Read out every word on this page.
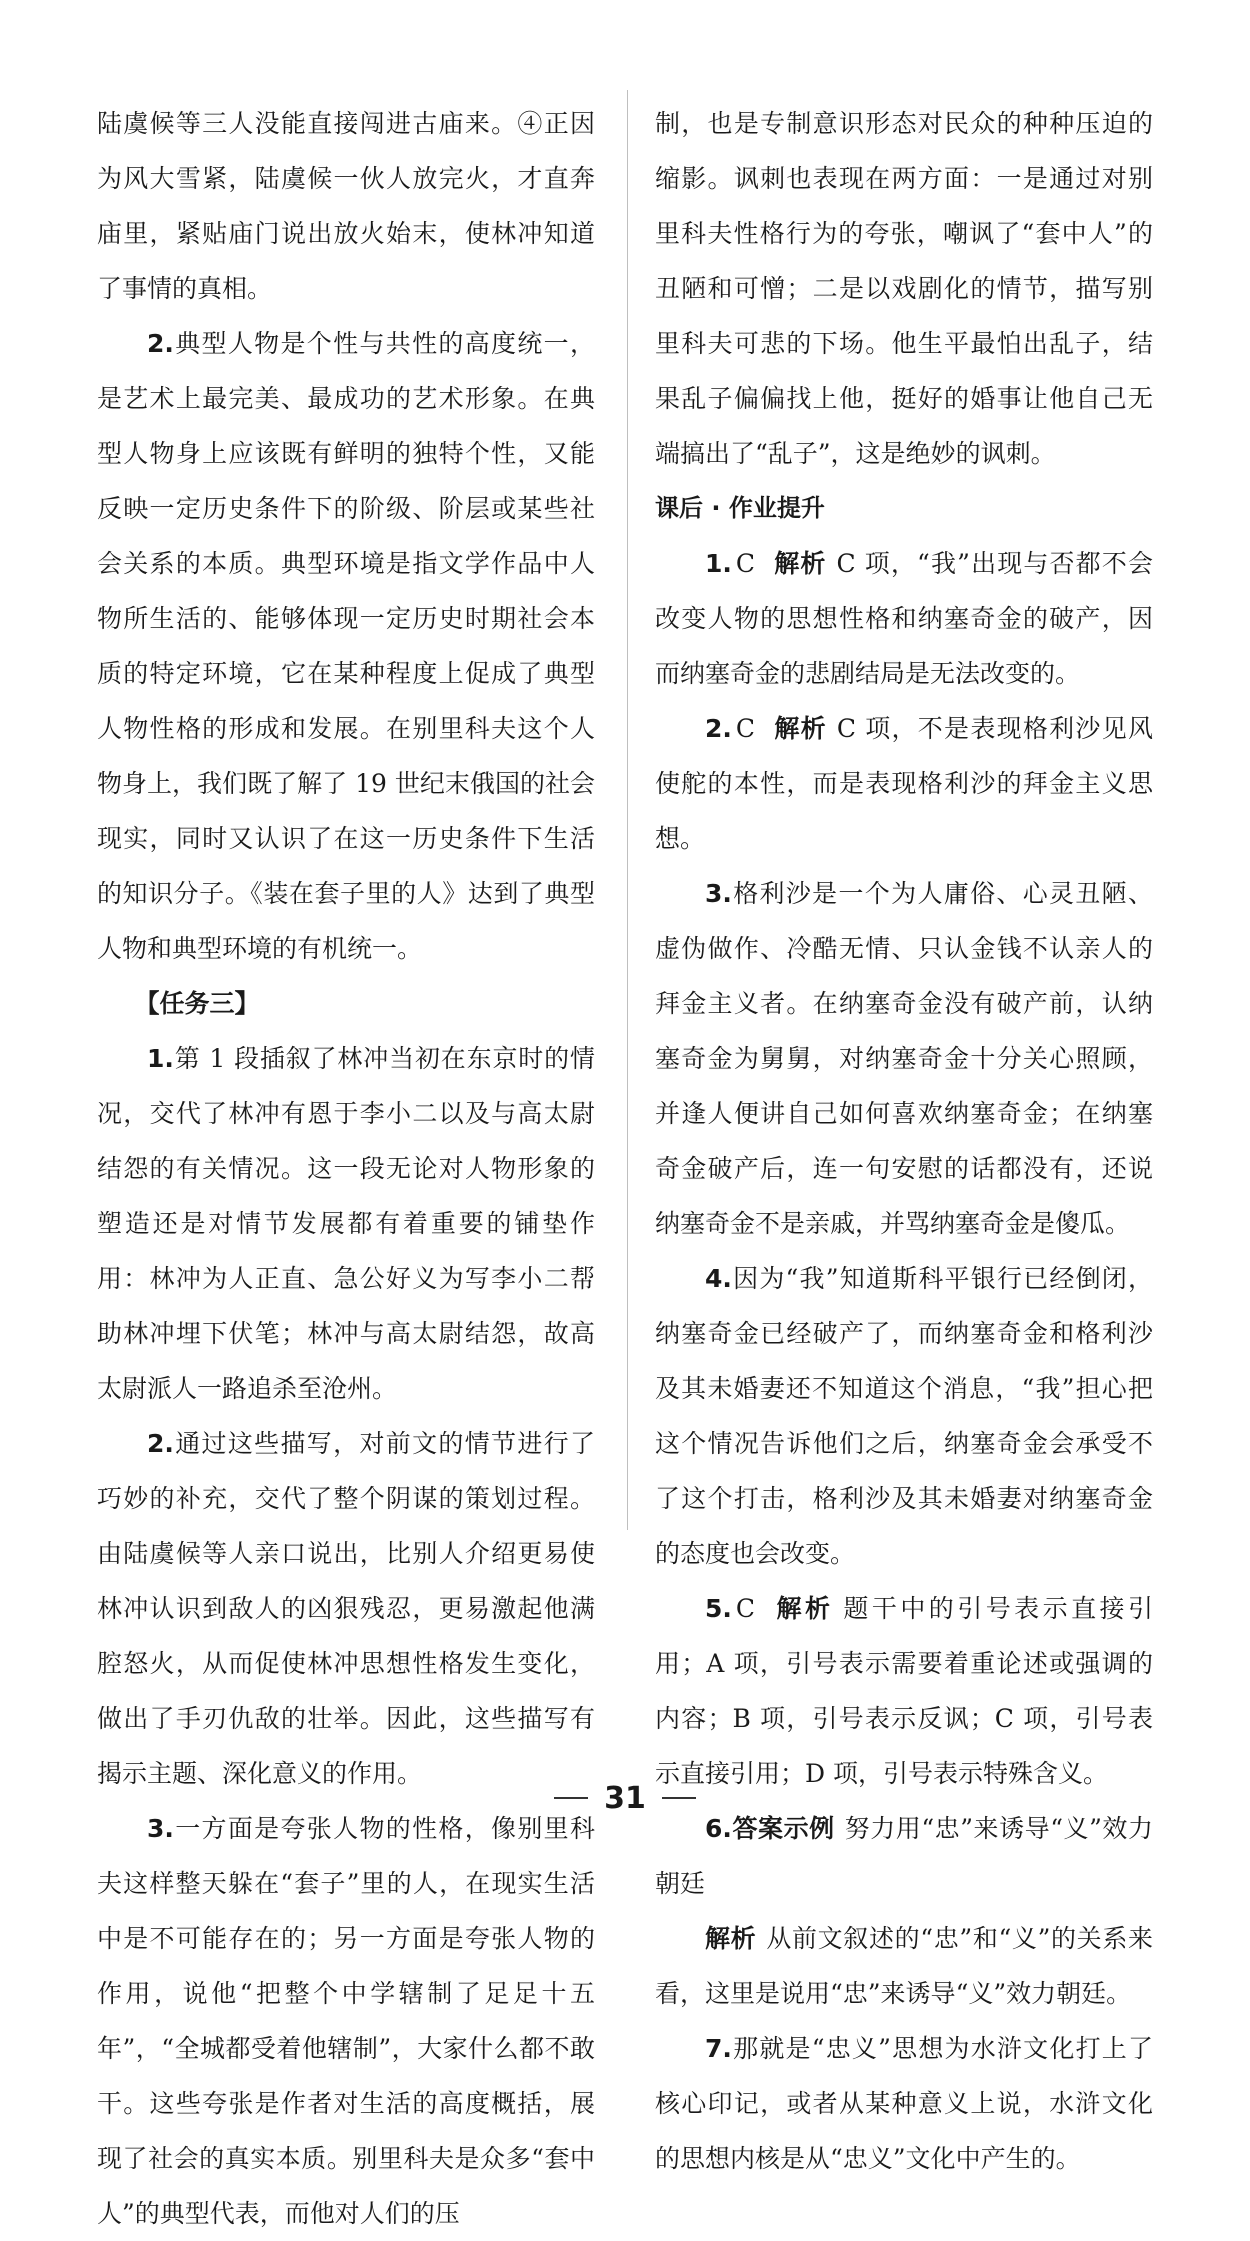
陆虞候等三人没能直接闯进古庙来。④正因为风大雪紧，陆虞候一伙人放完火，才直奔庙里，紧贴庙门说出放火始末，使林冲知道了事情的真相。

2.典型人物是个性与共性的高度统一，是艺术上最完美、最成功的艺术形象。在典型人物身上应该既有鲜明的独特个性，又能反映一定历史条件下的阶级、阶层或某些社会关系的本质。典型环境是指文学作品中人物所生活的、能够体现一定历史时期社会本质的特定环境，它在某种程度上促成了典型人物性格的形成和发展。在别里科夫这个人物身上，我们既了解了 19 世纪末俄国的社会现实，同时又认识了在这一历史条件下生活的知识分子。《装在套子里的人》达到了典型人物和典型环境的有机统一。

【任务三】

1.第 1 段插叙了林冲当初在东京时的情况，交代了林冲有恩于李小二以及与高太尉结怨的有关情况。这一段无论对人物形象的塑造还是对情节发展都有着重要的铺垫作用：林冲为人正直、急公好义为写李小二帮助林冲埋下伏笔；林冲与高太尉结怨，故高太尉派人一路追杀至沧州。

2.通过这些描写，对前文的情节进行了巧妙的补充，交代了整个阴谋的策划过程。由陆虞候等人亲口说出，比别人介绍更易使林冲认识到敌人的凶狠残忍，更易激起他满腔怒火，从而促使林冲思想性格发生变化，做出了手刃仇敌的壮举。因此，这些描写有揭示主题、深化意义的作用。

3.一方面是夸张人物的性格，像别里科夫这样整天躲在“套子”里的人，在现实生活中是不可能存在的；另一方面是夸张人物的作用，说他“把整个中学辖制了足足十五年”，“全城都受着他辖制”，大家什么都不敢干。这些夸张是作者对生活的高度概括，展现了社会的真实本质。别里科夫是众多“套中人”的典型代表，而他对人们的压

制，也是专制意识形态对民众的种种压迫的缩影。讽刺也表现在两方面：一是通过对别里科夫性格行为的夸张，嘲讽了“套中人”的丑陋和可憎；二是以戏剧化的情节，描写别里科夫可悲的下场。他生平最怕出乱子，结果乱子偏偏找上他，挺好的婚事让他自己无端搞出了“乱子”，这是绝妙的讽刺。

课后 · 作业提升

1. C 解析 C 项，“我”出现与否都不会改变人物的思想性格和纳塞奇金的破产，因而纳塞奇金的悲剧结局是无法改变的。

2. C 解析 C 项，不是表现格利沙见风使舵的本性，而是表现格利沙的拜金主义思想。

3.格利沙是一个为人庸俗、心灵丑陋、虚伪做作、冷酷无情、只认金钱不认亲人的拜金主义者。在纳塞奇金没有破产前，认纳塞奇金为舅舅，对纳塞奇金十分关心照顾，并逢人便讲自己如何喜欢纳塞奇金；在纳塞奇金破产后，连一句安慰的话都没有，还说纳塞奇金不是亲戚，并骂纳塞奇金是傻瓜。

4.因为“我”知道斯科平银行已经倒闭，纳塞奇金已经破产了，而纳塞奇金和格利沙及其未婚妻还不知道这个消息，“我”担心把这个情况告诉他们之后，纳塞奇金会承受不了这个打击，格利沙及其未婚妻对纳塞奇金的态度也会改变。

5. C 解析 题干中的引号表示直接引用；A 项，引号表示需要着重论述或强调的内容；B 项，引号表示反讽；C 项，引号表示直接引用；D 项，引号表示特殊含义。

6.答案示例 努力用“忠”来诱导“义”效力朝廷

解析 从前文叙述的“忠”和“义”的关系来看，这里是说用“忠”来诱导“义”效力朝廷。

7.那就是“忠义”思想为水浒文化打上了核心印记，或者从某种意义上说，水浒文化的思想内核是从“忠义”文化中产生的。

31
